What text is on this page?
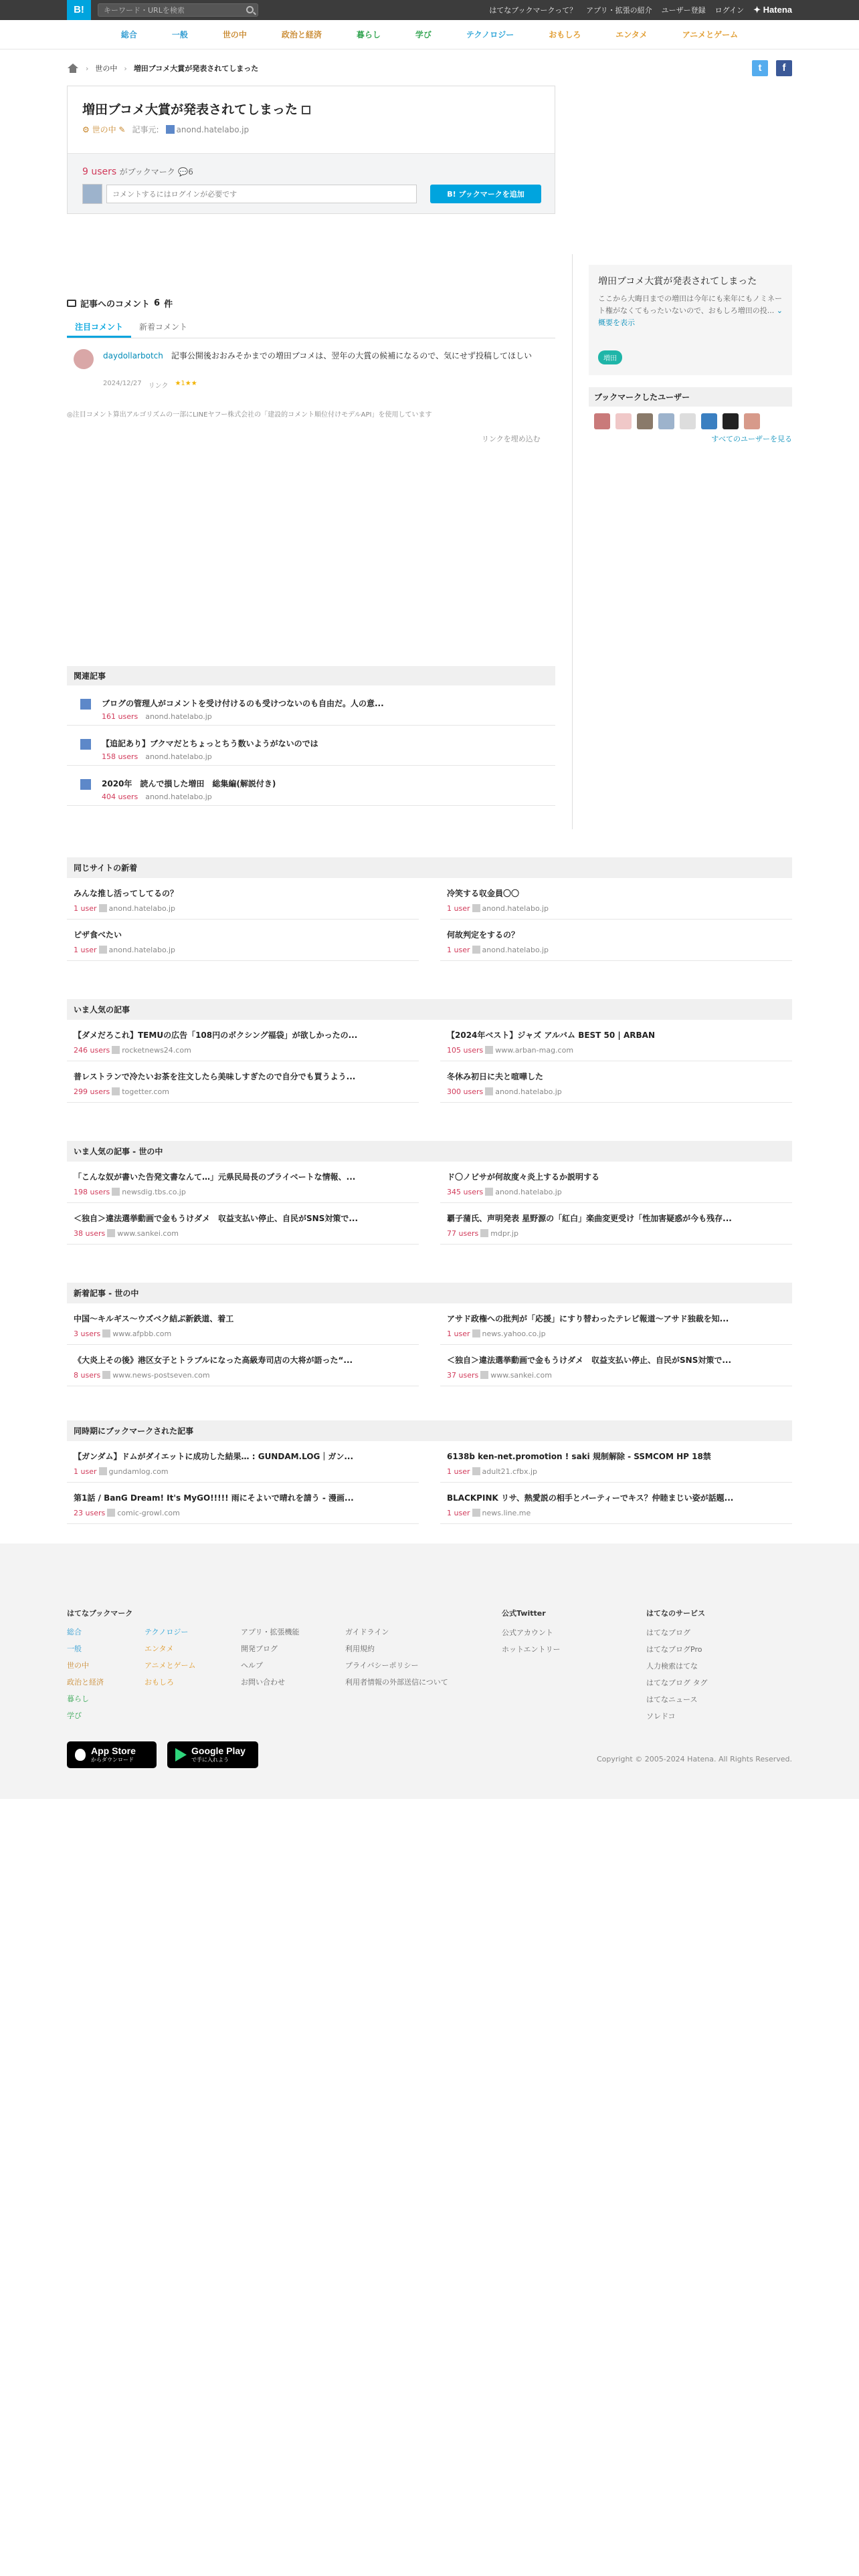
B!
キーワード・URLを検索	はてなブックマークって？ アプリ・拡張の紹介 ユーザー登録 ログイン ✦ Hatena
総合	一般	世の中	政治と経済	暮らし	学び	テクノロジー	おもしろ	エンタメ	アニメとゲーム
› 世の中 › 増田ブコメ大賞が発表されてしまった	t	f
増田ブコメ大賞が発表されてしまった
⚙ 世の中 ✎ 記事元:	anond.hatelabo.jp
9 users がブックマーク 💬6
コメントするにはログインが必要です
B! ブックマークを追加
記事へのコメント 6 件
注目コメント	新着コメント
daydollarbotch　 記事公開後おおみそかまでの増田ブコメは、翌年の大賞の候補になるので、気にせず投稿してほしい
2024/12/27 リンク ★1★★
◎注目コメント算出アルゴリズムの一部にLINEヤフー株式会社の「建設的コメント順位付けモデルAPI」を使用しています
リンクを埋め込む
関連記事
ブログの管理人がコメントを受け付けるのも受けつないのも自由だ。人の意...
161 users　 anond.hatelabo.jp
【追記あり】ブクマだとちょっとちう数いようがないのでは
158 users　 anond.hatelabo.jp
2020年　読んで損した増田　総集編(解説付き)
404 users　 anond.hatelabo.jp
増田ブコメ大賞が発表されてしまった

ここから大晦日までの増田は今年にも来年にもノミネート権がなくてもったいないので、おもしろ増田の投... ⌄ 概要を表示

増田
ブックマークしたユーザー
すべてのユーザーを見る
同じサイトの新着
みんな推し活ってしてるの？
1 user anond.hatelabo.jp
冷笑する収金員〇〇
1 user anond.hatelabo.jp
ピザ食べたい
1 user anond.hatelabo.jp
何故判定をするの？
1 user anond.hatelabo.jp
いま人気の記事
【ダメだろこれ】TEMUの広告「108円のボクシング福袋」が欲しかったの...
246 users rocketnews24.com
【2024年ベスト】ジャズ アルバム BEST 50 | ARBAN
105 users www.arban-mag.com
普レストランで冷たいお茶を注文したら美味しすぎたので自分でも買うよう...
299 users togetter.com
冬休み初日に夫と喧嘩した
300 users anond.hatelabo.jp
いま人気の記事 - 世の中
「こんな奴が書いた告発文書なんて…」元県民局長のプライベートな情報、...
198 users newsdig.tbs.co.jp
ド〇ノビサが何故度々炎上するか説明する
345 users anond.hatelabo.jp
＜独自＞違法選挙動画で金もうけダメ　収益支払い停止、自民がSNS対策で...
38 users www.sankei.com
覇子蒲氏、声明発表 星野源の「紅白」楽曲変更受け「性加害疑惑が今も残存...
77 users mdpr.jp
新着記事 - 世の中
中国〜キルギス〜ウズベク結ぶ新鉄道、着工
3 users www.afpbb.com
アサド政権への批判が「応援」にすり替わったテレビ報道〜アサド独裁を知...
1 user news.yahoo.co.jp
《大炎上その後》港区女子とトラブルになった高級寿司店の大将が語った“...
8 users www.news-postseven.com
＜独自＞違法選挙動画で金もうけダメ　収益支払い停止、自民がSNS対策で...
37 users www.sankei.com
同時期にブックマークされた記事
【ガンダム】ドムがダイエットに成功した結果… : GUNDAM.LOG｜ガン...
1 user gundamlog.com
6138b ken-net.promotion ! saki 規制解除 - SSMCOM HP 18禁
1 user adult21.cfbx.jp
第1話 / BanG Dream! It's MyGO!!!!! 雨にそよいで晴れを請う - 漫画...
23 users comic-growl.com
BLACKPINK リサ、熱愛説の相手とパーティーでキス？仲睦まじい姿が話題...
1 user news.line.me
はてなブックマーク
総合
一般
世の中
政治と経済
暮らし
学び
テクノロジー
エンタメ
アニメとゲーム
おもしろ
アプリ・拡張機能
開発ブログ
ヘルプ
お問い合わせ
ガイドライン
利用規約
プライバシーポリシー
利用者情報の外部送信について
公式Twitter
公式アカウント
ホットエントリー
はてなのサービス
はてなブログ
はてなブログPro
人力検索はてな
はてなブログ タグ
はてなニュース
ソレドコ
App Store
からダウンロード
Google Play
で手に入れよう	Copyright © 2005-2024 Hatena. All Rights Reserved.
